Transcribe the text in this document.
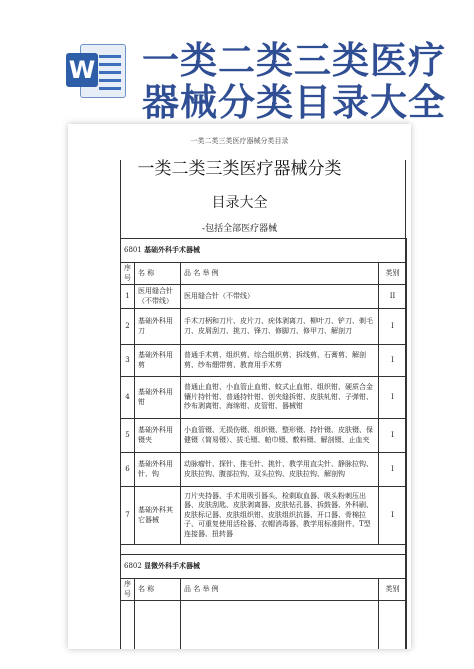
W 一类二类三类医疗
器械分类目录大全
一类二类三类医疗器械分类目录
一类二类三类医疗器械分类
目录大全
-包括全部医疗器械
6801 基础外科手术器械			
序号	名 称	品 名 举 例	类别
1	医用缝合针（不带线）	医用缝合针（不带线）	II
2	基础外科用刀	手术刀柄和刀片、皮片刀、疣体剥离刀、柳叶刀、铲刀、剃毛刀、皮屑刮刀、挑刀、锋刀、修脚刀、修甲刀、解剖刀	I
3	基础外科用剪	普通手术剪、组织剪、综合组织剪、拆线剪、石膏剪、解剖剪、纱布绷带剪、教育用手术剪	I
4	基础外科用钳	普通止血钳、小血管止血钳、蚊式止血钳、组织钳、硬质合金镶片持针钳、普通持针钳、创夹缝拆钳、皮肤轧钳、子弹钳、纱布剥离钳、海绵钳、皮管钳、器械钳	I
5	基础外科用镊夹	小血管镊、无损伤镊、组织镊、整形镊、持针镊、皮肤镊、保健镊（简易镊）、拔毛镊、帕巾镊、敷料镊、解剖镊、止血夹	I
6	基础外科用针、钩	动脉瘤针、探针、推毛针、挑针、教学用直尖针、静脉拉钩、皮肤拉钩、腹部拉钩、双头拉钩、皮肤拉钩、解剖钩	I
7	基础外科其它器械	刀片夹持器、手术用吸引器头、检剩取血器、吸头粉刺压出器、皮肤刮匙、皮肤剥离器、皮肤钻孔器、拆鼓器、外科刷、皮肤标记器、皮肤组织钳、皮肤组织抗器、开口器、骨棉拉子、可重复使用活检器、衣帽消毒器、教学用标准附件、T型连接器、扭转器	I

6802 显微外科手术器械			
序号	名 称	品 名 举 例	类别
